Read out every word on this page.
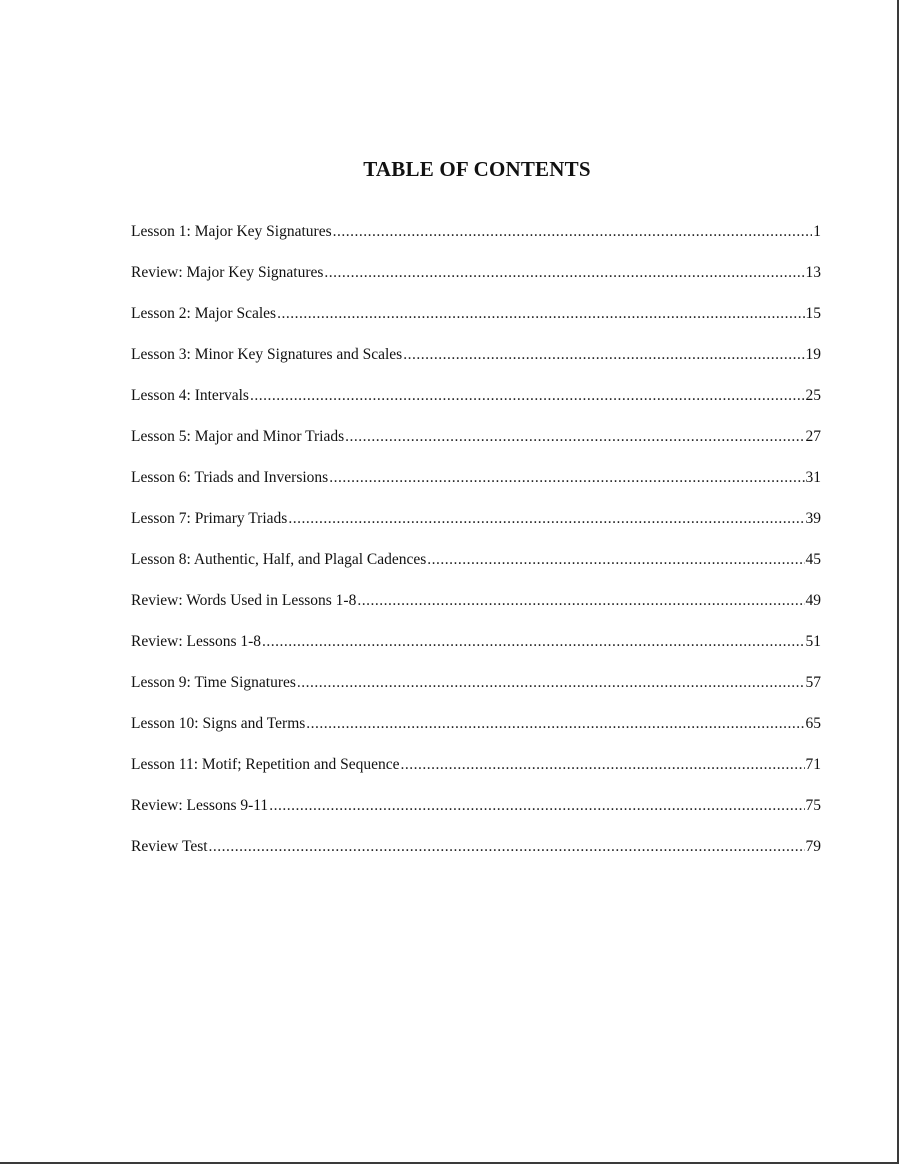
TABLE OF CONTENTS
Lesson 1: Major Key Signatures .....	1
Review: Major Key Signatures .....	13
Lesson 2: Major Scales .....	15
Lesson 3: Minor Key Signatures and Scales .....	19
Lesson 4: Intervals .....	25
Lesson 5: Major and Minor Triads .....	27
Lesson 6: Triads and Inversions .....	31
Lesson 7: Primary Triads .....	39
Lesson 8: Authentic, Half, and Plagal Cadences .....	45
Review: Words Used in Lessons 1-8 .....	49
Review: Lessons 1-8 .....	51
Lesson 9: Time Signatures .....	57
Lesson 10: Signs and Terms .....	65
Lesson 11: Motif; Repetition and Sequence .....	71
Review: Lessons 9-11 .....	75
Review Test .....	79
